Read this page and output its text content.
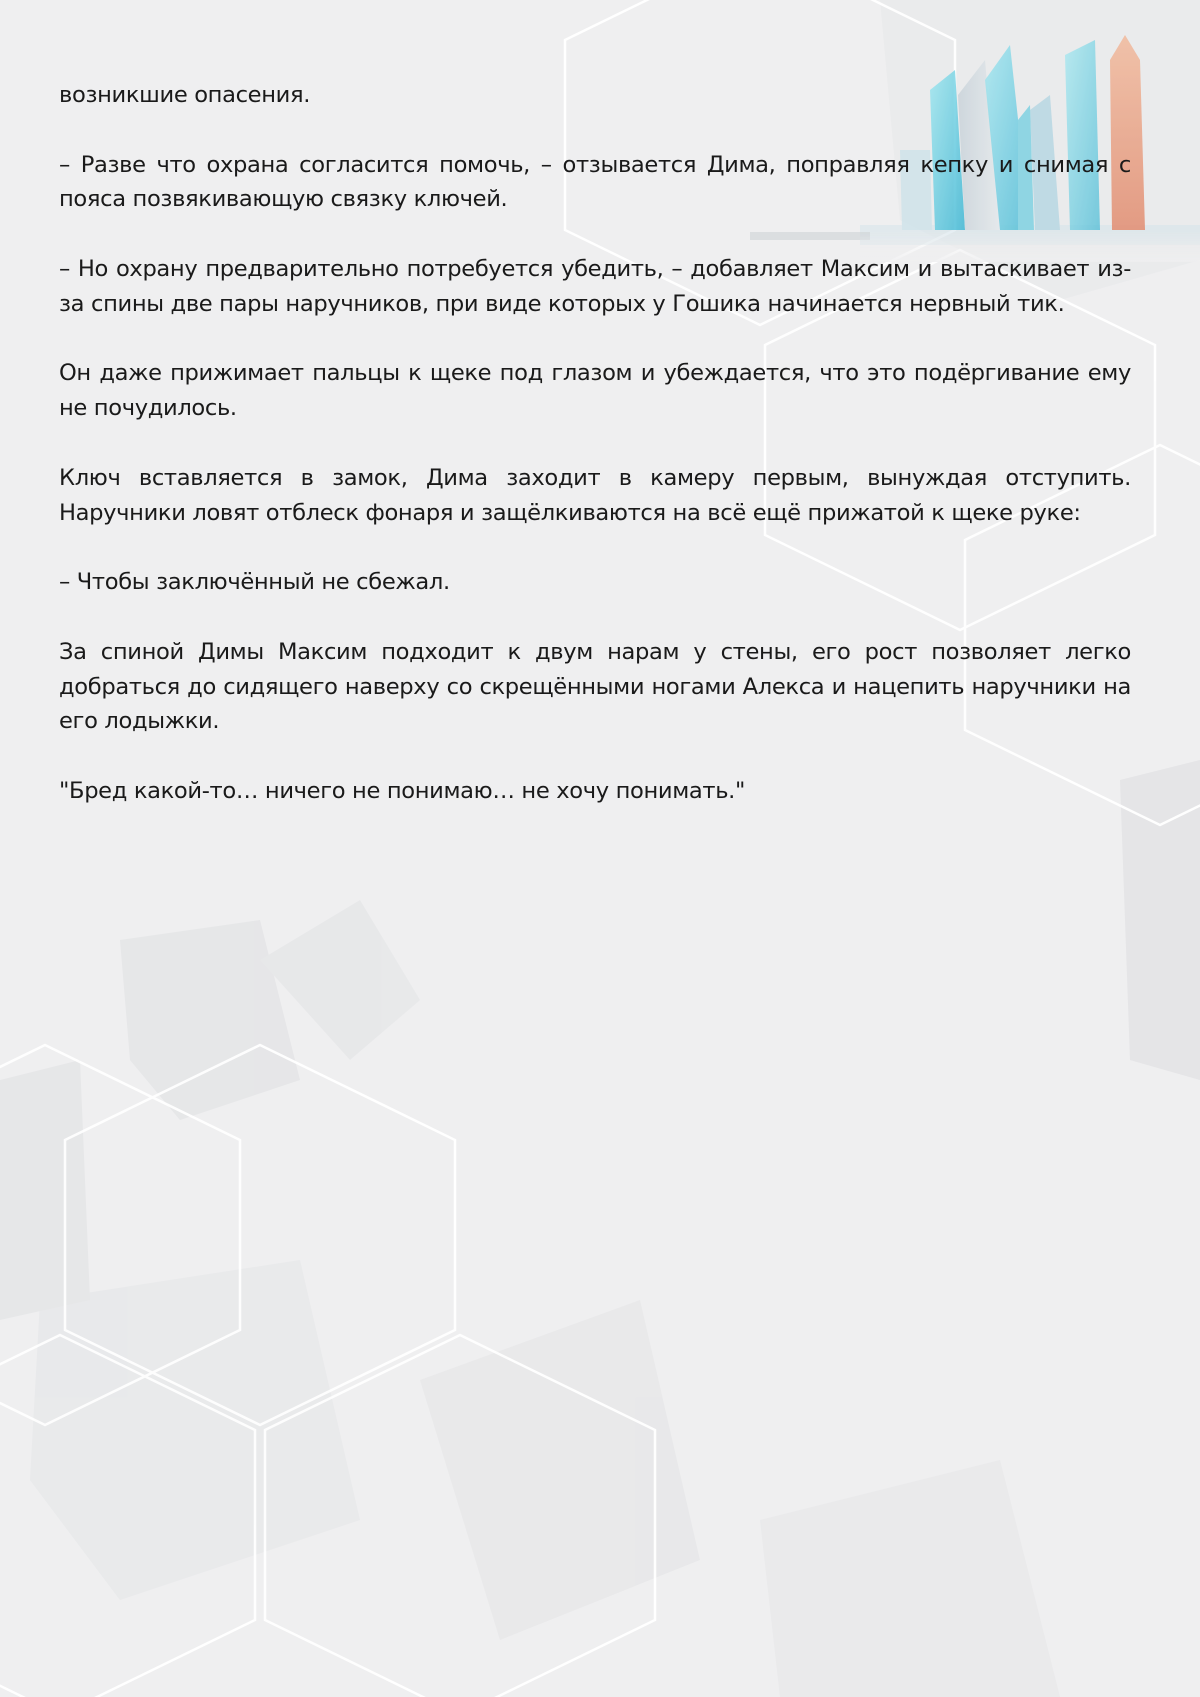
возникшие опасения.

– Разве что охрана согласится помочь, – отзывается Дима, поправляя кепку и снимая с пояса позвякивающую связку ключей.

– Но охрану предварительно потребуется убедить, – добавляет Максим и вытаскивает из-за спины две пары наручников, при виде которых у Гошика начинается нервный тик.

Он даже прижимает пальцы к щеке под глазом и убеждается, что это подёргивание ему не почудилось.

Ключ вставляется в замок, Дима заходит в камеру первым, вынуждая отступить. Наручники ловят отблеск фонаря и защёлкиваются на всё ещё прижатой к щеке руке:

– Чтобы заключённый не сбежал.

За спиной Димы Максим подходит к двум нарам у стены, его рост позволяет легко добраться до сидящего наверху со скрещёнными ногами Алекса и нацепить наручники на его лодыжки.

"Бред какой-то… ничего не понимаю… не хочу понимать."
